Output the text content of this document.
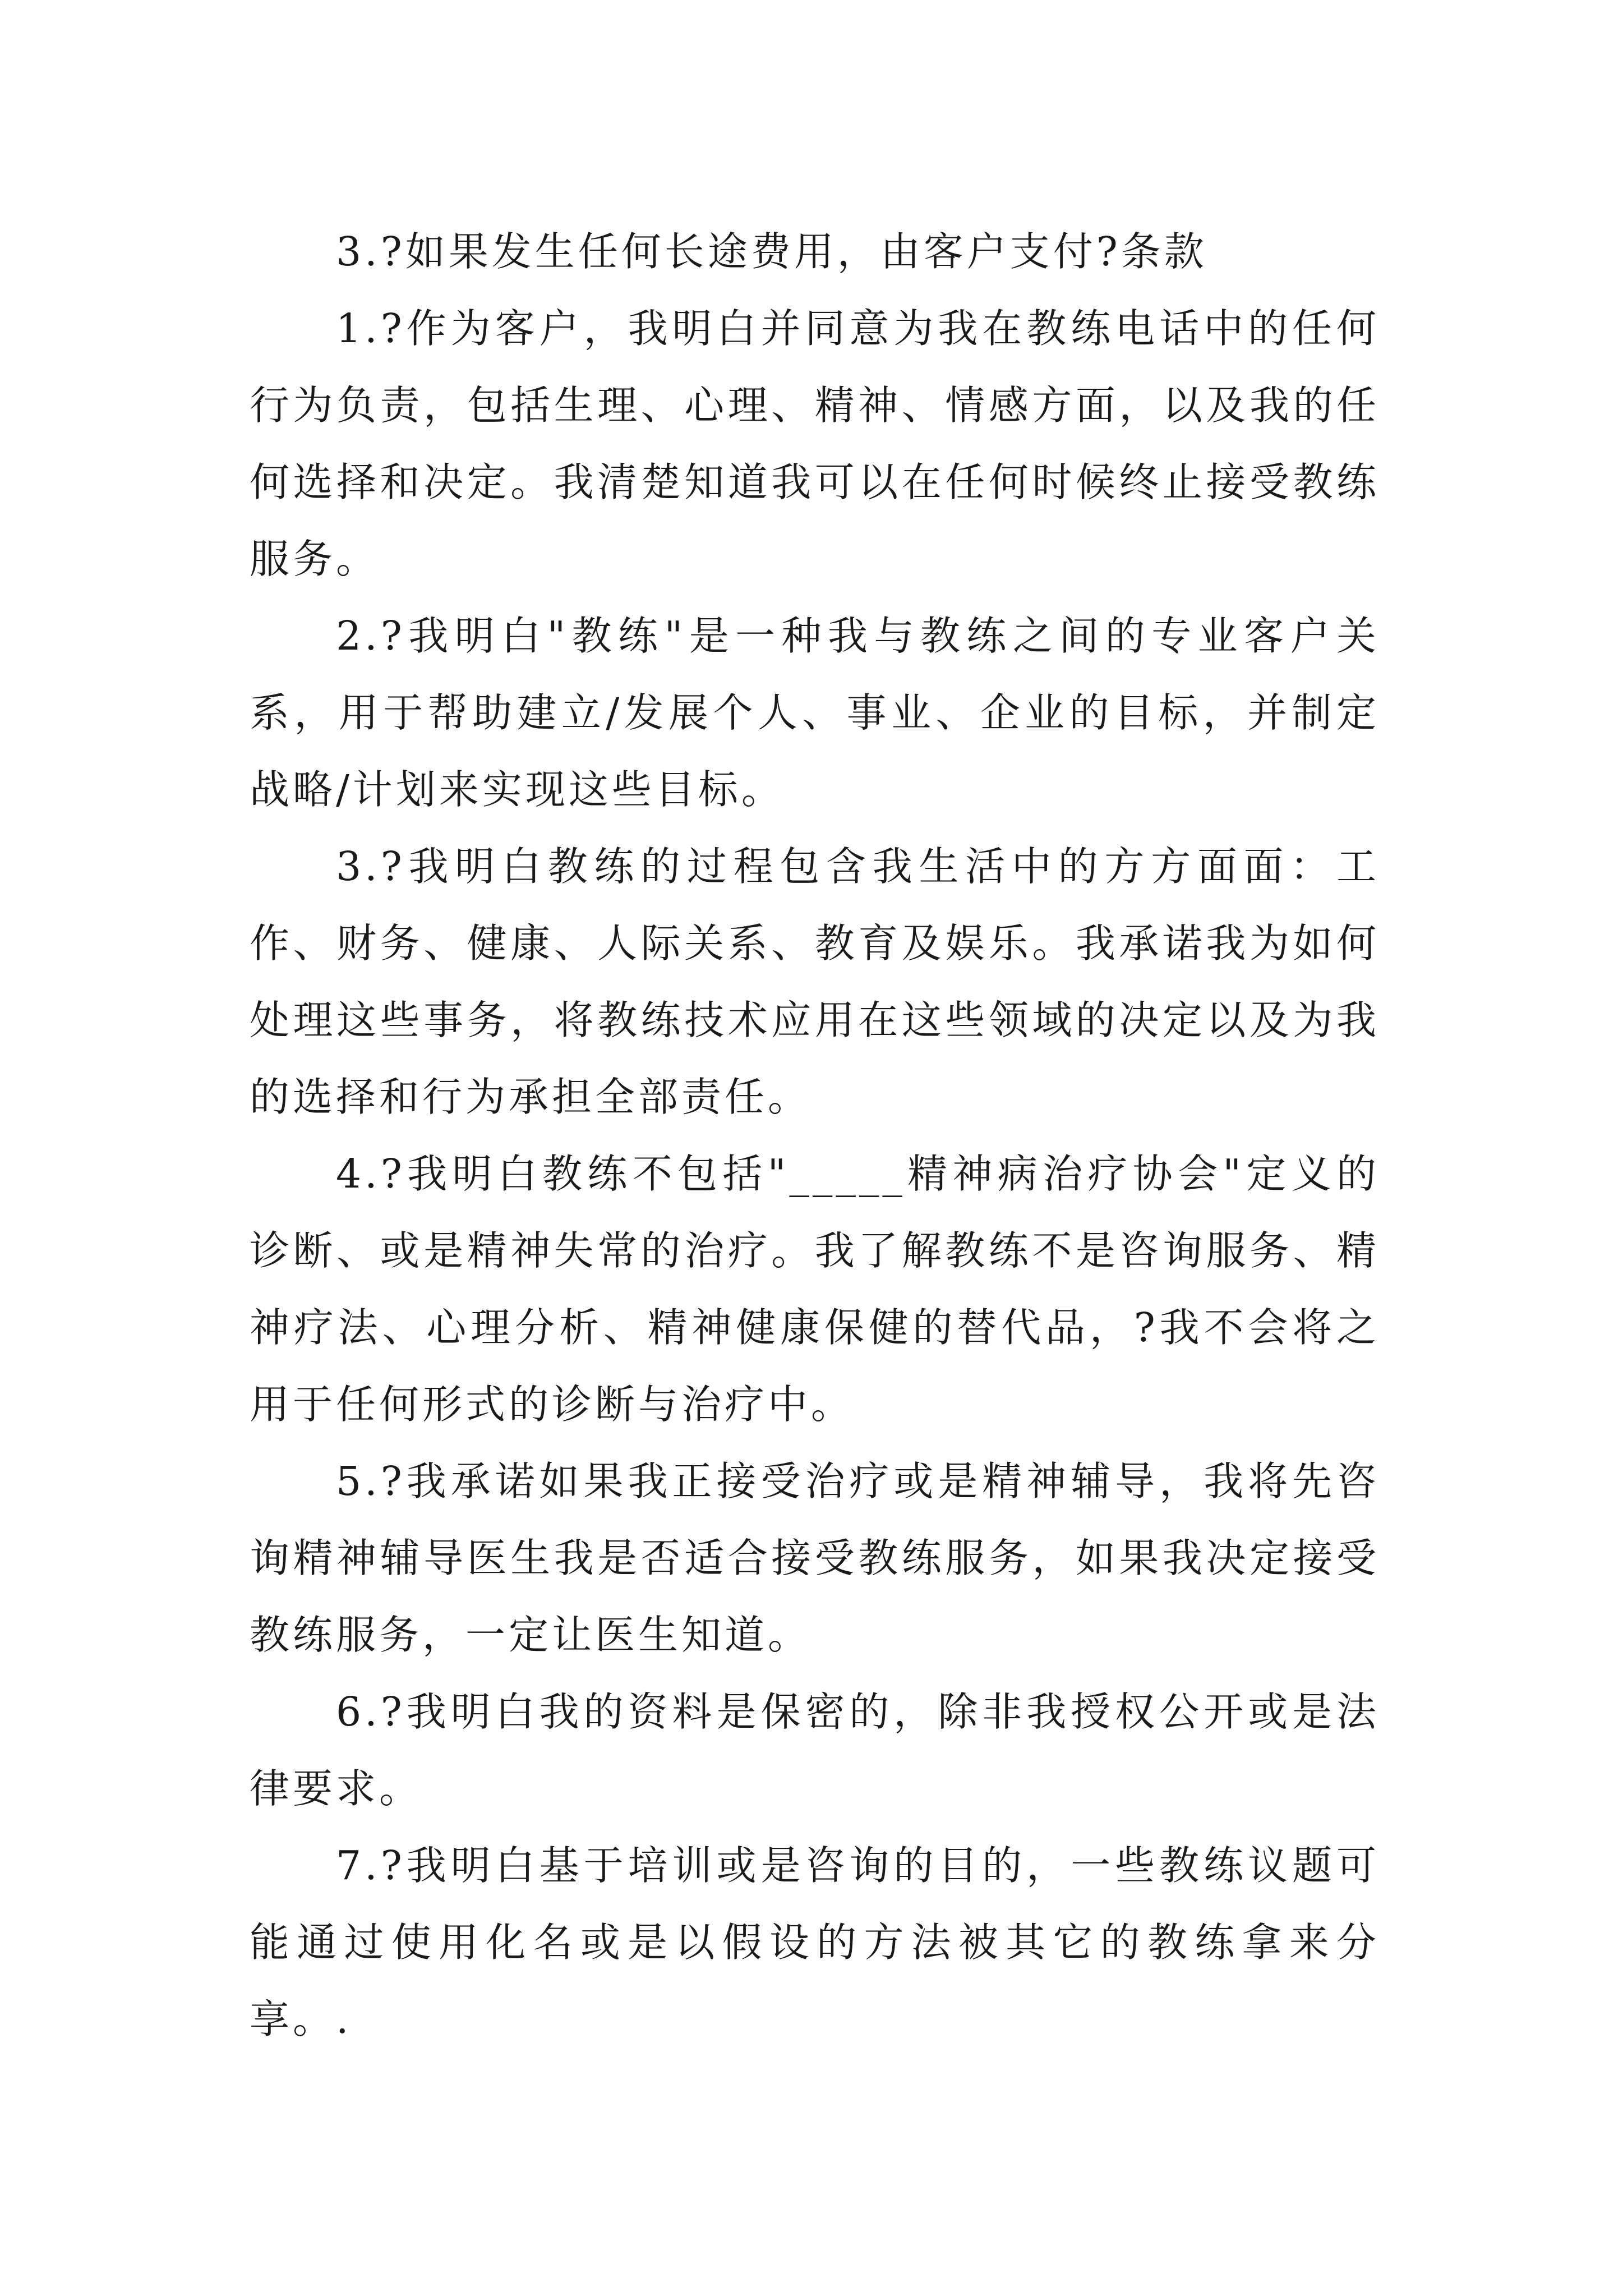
3.?如果发生任何长途费用，由客户支付?条款

1.?作为客户，我明白并同意为我在教练电话中的任何行为负责，包括生理、心理、精神、情感方面，以及我的任何选择和决定。我清楚知道我可以在任何时候终止接受教练服务。

2.?我明白"教练"是一种我与教练之间的专业客户关系，用于帮助建立/发展个人、事业、企业的目标，并制定战略/计划来实现这些目标。

3.?我明白教练的过程包含我生活中的方方面面：工作、财务、健康、人际关系、教育及娱乐。我承诺我为如何处理这些事务，将教练技术应用在这些领域的决定以及为我的选择和行为承担全部责任。

4.?我明白教练不包括"_____精神病治疗协会"定义的诊断、或是精神失常的治疗。我了解教练不是咨询服务、精神疗法、心理分析、精神健康保健的替代品，?我不会将之用于任何形式的诊断与治疗中。

5.?我承诺如果我正接受治疗或是精神辅导，我将先咨询精神辅导医生我是否适合接受教练服务，如果我决定接受教练服务，一定让医生知道。

6.?我明白我的资料是保密的，除非我授权公开或是法律要求。

7.?我明白基于培训或是咨询的目的，一些教练议题可能通过使用化名或是以假设的方法被其它的教练拿来分享。.
